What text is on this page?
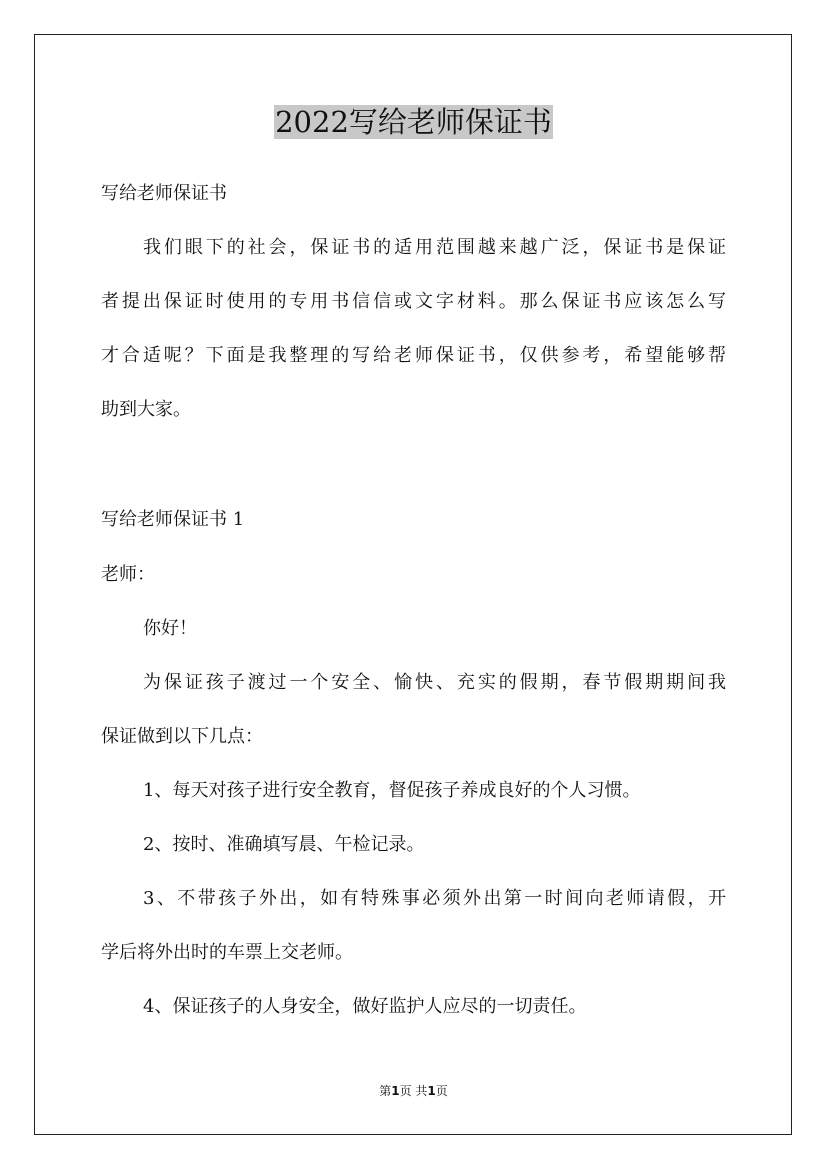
2022写给老师保证书
写给老师保证书
我们眼下的社会，保证书的适用范围越来越广泛，保证书是保证
者提出保证时使用的专用书信信或文字材料。那么保证书应该怎么写
才合适呢？下面是我整理的写给老师保证书，仅供参考，希望能够帮
助到大家。
写给老师保证书 1
老师：
你好！
为保证孩子渡过一个安全、愉快、充实的假期，春节假期期间我
保证做到以下几点：
1、每天对孩子进行安全教育，督促孩子养成良好的个人习惯。
2、按时、准确填写晨、午检记录。
3、不带孩子外出，如有特殊事必须外出第一时间向老师请假，开
学后将外出时的车票上交老师。
4、保证孩子的人身安全，做好监护人应尽的一切责任。
第1页 共1页
